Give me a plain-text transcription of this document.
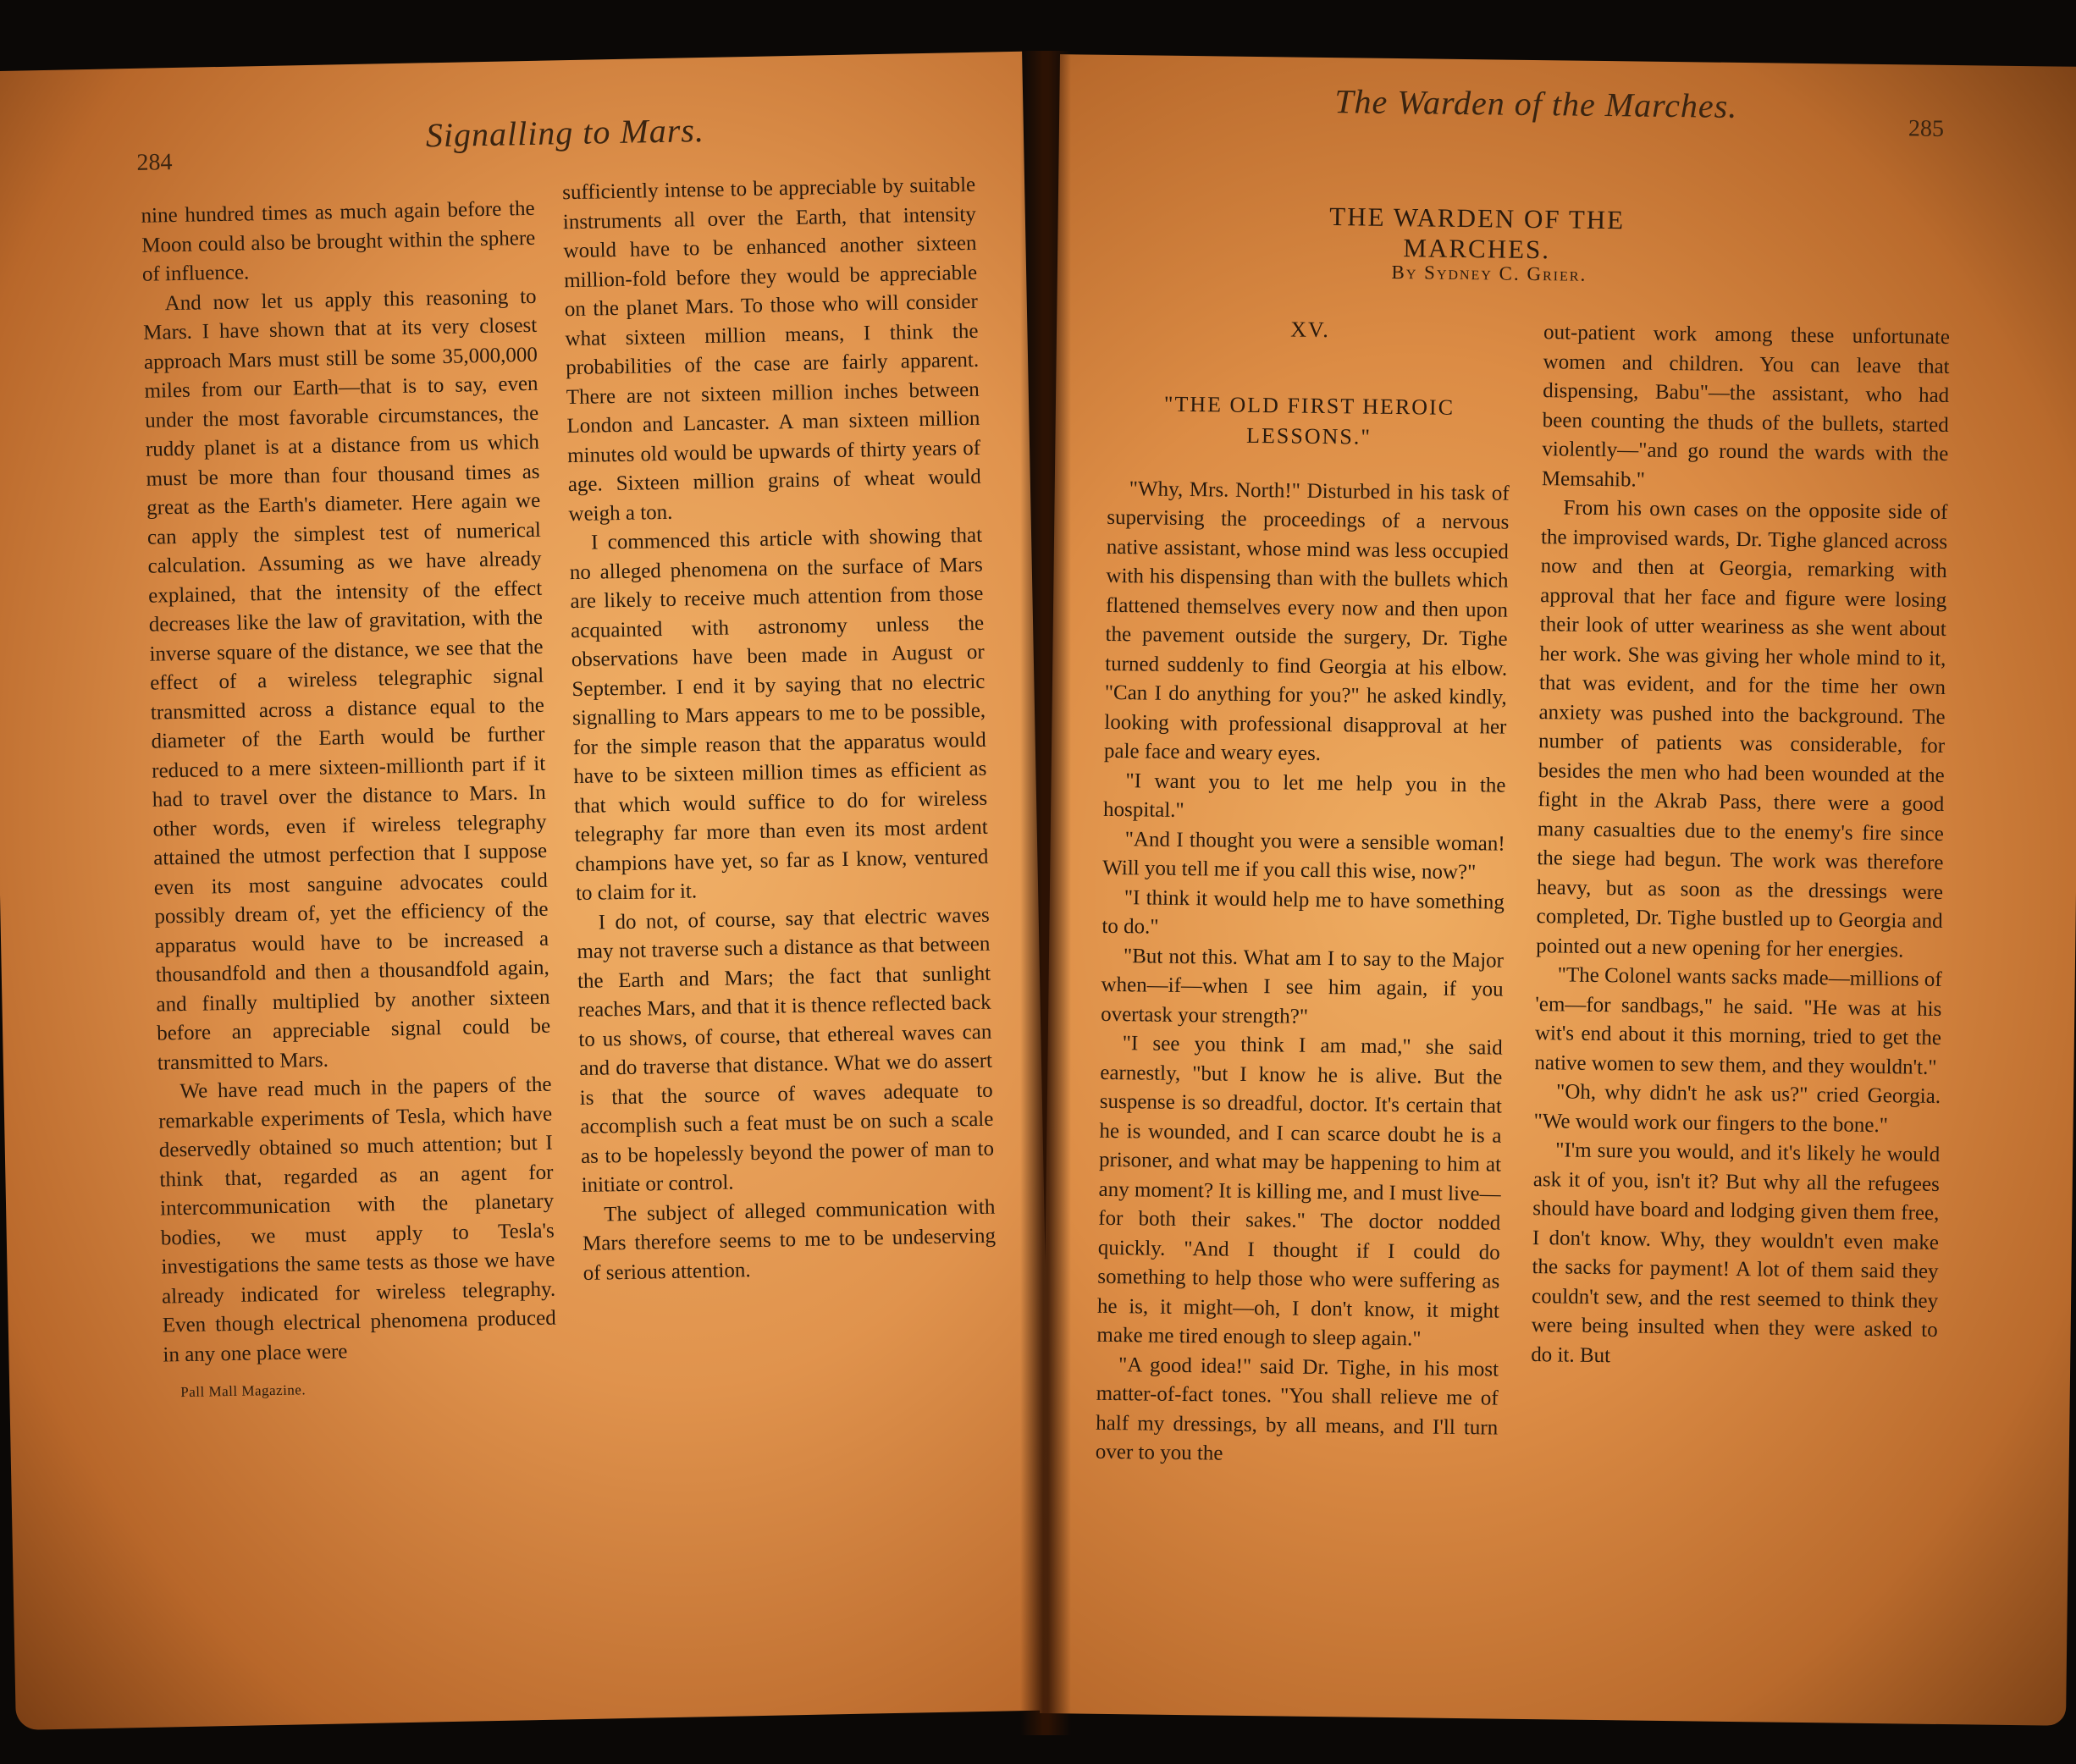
284
Signalling to Mars.

nine hundred times as much again before the Moon could also be brought within the sphere of influence.

And now let us apply this reasoning to Mars. I have shown that at its very closest approach Mars must still be some 35,000,000 miles from our Earth—that is to say, even under the most favorable circumstances, the ruddy planet is at a distance from us which must be more than four thousand times as great as the Earth's diameter. Here again we can apply the simplest test of numerical calculation. Assuming as we have already explained, that the intensity of the effect decreases like the law of gravitation, with the inverse square of the distance, we see that the effect of a wireless telegraphic signal transmitted across a distance equal to the diameter of the Earth would be further reduced to a mere sixteen-millionth part if it had to travel over the distance to Mars. In other words, even if wireless telegraphy attained the utmost perfection that I suppose even its most sanguine advocates could possibly dream of, yet the efficiency of the apparatus would have to be increased a thousandfold and then a thousandfold again, and finally multiplied by another sixteen before an appreciable signal could be transmitted to Mars.

We have read much in the papers of the remarkable experiments of Tesla, which have deservedly obtained so much attention; but I think that, regarded as an agent for intercommunication with the planetary bodies, we must apply to Tesla's investigations the same tests as those we have already indicated for wireless telegraphy. Even though electrical phenomena produced in any one place were

Pall Mall Magazine.

sufficiently intense to be appreciable by suitable instruments all over the Earth, that intensity would have to be enhanced another sixteen million-fold before they would be appreciable on the planet Mars. To those who will consider what sixteen million means, I think the probabilities of the case are fairly apparent. There are not sixteen million inches between London and Lancaster. A man sixteen million minutes old would be upwards of thirty years of age. Sixteen million grains of wheat would weigh a ton.

I commenced this article with showing that no alleged phenomena on the surface of Mars are likely to receive much attention from those acquainted with astronomy unless the observations have been made in August or September. I end it by saying that no electric signalling to Mars appears to me to be possible, for the simple reason that the apparatus would have to be sixteen million times as efficient as that which would suffice to do for wireless telegraphy far more than even its most ardent champions have yet, so far as I know, ventured to claim for it.

I do not, of course, say that electric waves may not traverse such a distance as that between the Earth and Mars; the fact that sunlight reaches Mars, and that it is thence reflected back to us shows, of course, that ethereal waves can and do traverse that distance. What we do assert is that the source of waves adequate to accomplish such a feat must be on such a scale as to be hopelessly beyond the power of man to initiate or control.

The subject of alleged communication with Mars therefore seems to me to be undeserving of serious attention.

The Warden of the Marches.
285
THE WARDEN OF THE MARCHES.
By Sydney C. Grier.

XV.

"THE OLD FIRST HEROIC LESSONS."

"Why, Mrs. North!" Disturbed in his task of supervising the proceedings of a nervous native assistant, whose mind was less occupied with his dispensing than with the bullets which flattened themselves every now and then upon the pavement outside the surgery, Dr. Tighe turned suddenly to find Georgia at his elbow. "Can I do anything for you?" he asked kindly, looking with professional disapproval at her pale face and weary eyes.

"I want you to let me help you in the hospital."

"And I thought you were a sensible woman! Will you tell me if you call this wise, now?"

"I think it would help me to have something to do."

"But not this. What am I to say to the Major when—if—when I see him again, if you overtask your strength?"

"I see you think I am mad," she said earnestly, "but I know he is alive. But the suspense is so dreadful, doctor. It's certain that he is wounded, and I can scarce doubt he is a prisoner, and what may be happening to him at any moment? It is killing me, and I must live—for both their sakes." The doctor nodded quickly. "And I thought if I could do something to help those who were suffering as he is, it might—oh, I don't know, it might make me tired enough to sleep again."

"A good idea!" said Dr. Tighe, in his most matter-of-fact tones. "You shall relieve me of half my dressings, by all means, and I'll turn over to you the

out-patient work among these unfortunate women and children. You can leave that dispensing, Babu"—the assistant, who had been counting the thuds of the bullets, started violently—"and go round the wards with the Memsahib."

From his own cases on the opposite side of the improvised wards, Dr. Tighe glanced across now and then at Georgia, remarking with approval that her face and figure were losing their look of utter weariness as she went about her work. She was giving her whole mind to it, that was evident, and for the time her own anxiety was pushed into the background. The number of patients was considerable, for besides the men who had been wounded at the fight in the Akrab Pass, there were a good many casualties due to the enemy's fire since the siege had begun. The work was therefore heavy, but as soon as the dressings were completed, Dr. Tighe bustled up to Georgia and pointed out a new opening for her energies.

"The Colonel wants sacks made—millions of 'em—for sandbags," he said. "He was at his wit's end about it this morning, tried to get the native women to sew them, and they wouldn't."

"Oh, why didn't he ask us?" cried Georgia. "We would work our fingers to the bone."

"I'm sure you would, and it's likely he would ask it of you, isn't it? But why all the refugees should have board and lodging given them free, I don't know. Why, they wouldn't even make the sacks for payment! A lot of them said they couldn't sew, and the rest seemed to think they were being insulted when they were asked to do it. But
